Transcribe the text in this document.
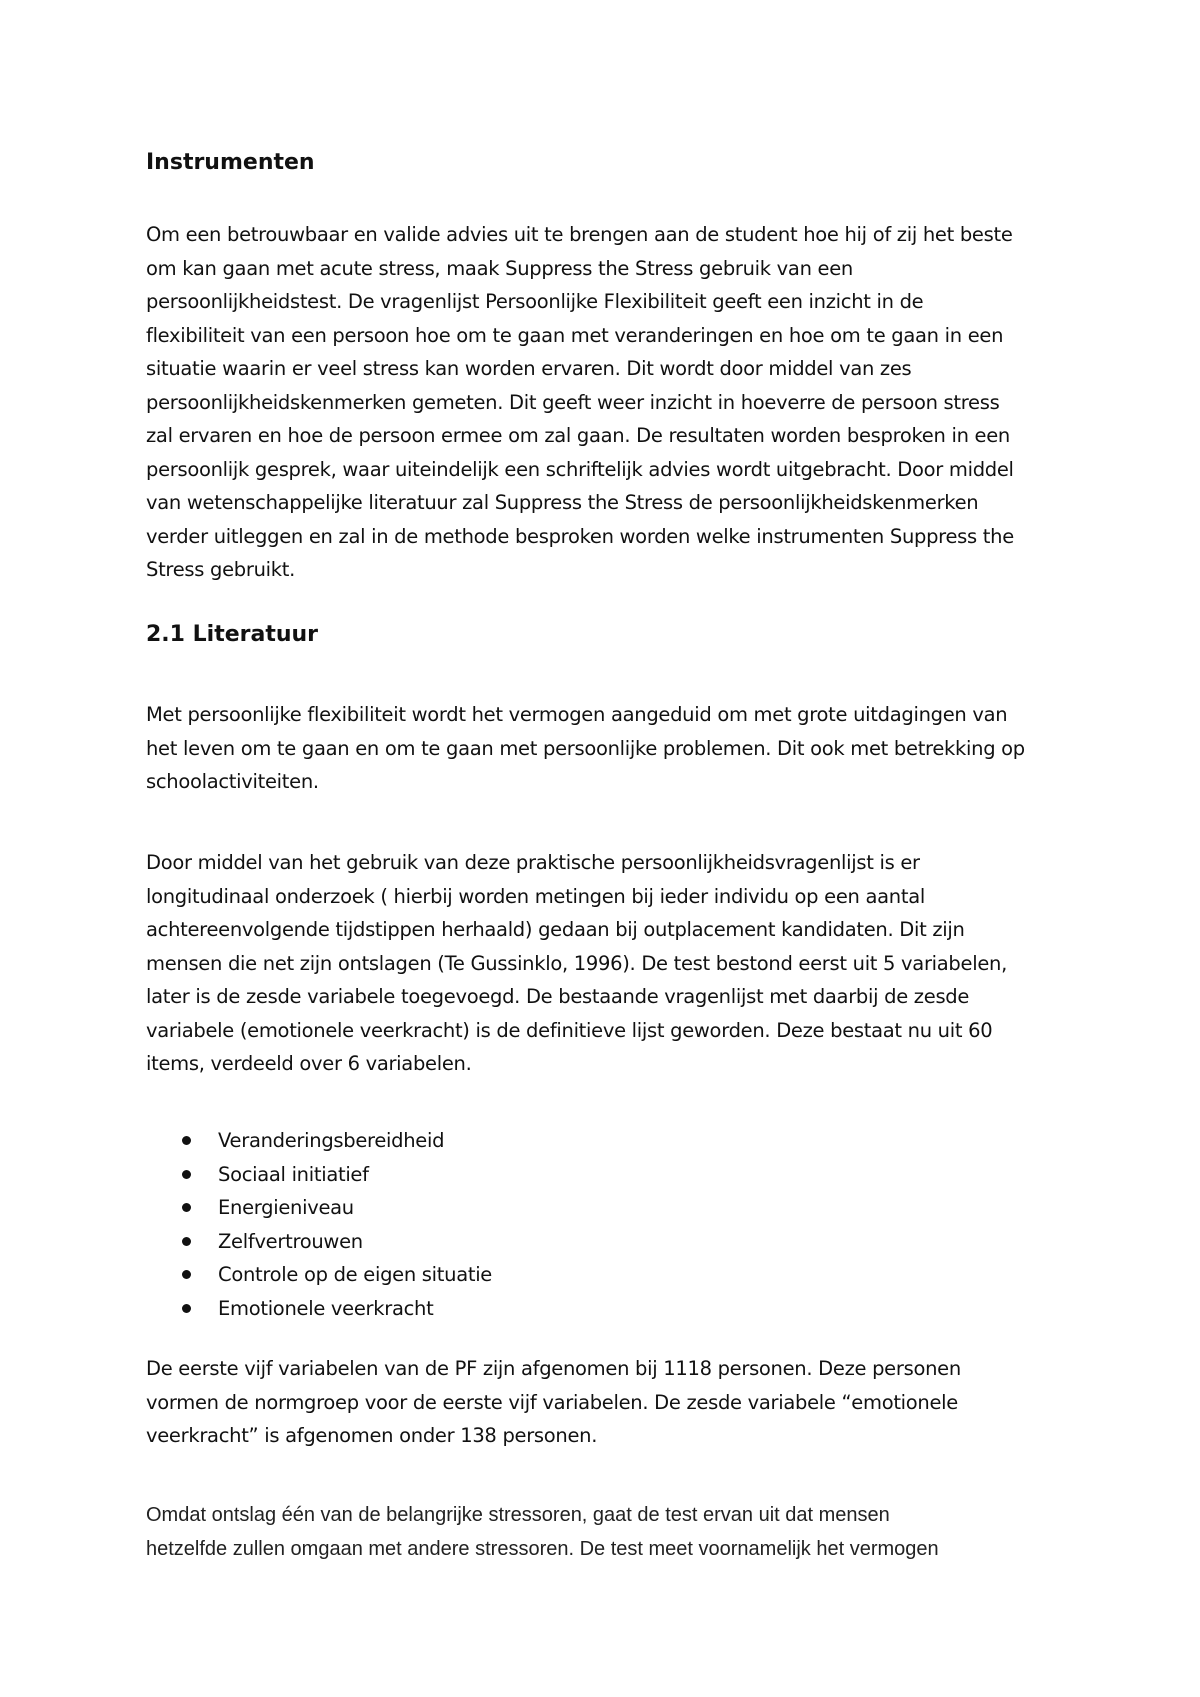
Instrumenten

Om een betrouwbaar en valide advies uit te brengen aan de student hoe hij of zij het beste
om kan gaan met acute stress, maak Suppress the Stress gebruik van een
persoonlijkheidstest. De vragenlijst Persoonlijke Flexibiliteit geeft een inzicht in de
flexibiliteit van een persoon hoe om te gaan met veranderingen en hoe om te gaan in een
situatie waarin er veel stress kan worden ervaren. Dit wordt door middel van zes
persoonlijkheidskenmerken gemeten. Dit geeft weer inzicht in hoeverre de persoon stress
zal ervaren en hoe de persoon ermee om zal gaan. De resultaten worden besproken in een
persoonlijk gesprek, waar uiteindelijk een schriftelijk advies wordt uitgebracht. Door middel
van wetenschappelijke literatuur zal Suppress the Stress de persoonlijkheidskenmerken
verder uitleggen en zal in de methode besproken worden welke instrumenten Suppress the
Stress gebruikt.

2.1 Literatuur

Met persoonlijke flexibiliteit wordt het vermogen aangeduid om met grote uitdagingen van
het leven om te gaan en om te gaan met persoonlijke problemen. Dit ook met betrekking op
schoolactiviteiten.

Door middel van het gebruik van deze praktische persoonlijkheidsvragenlijst is er
longitudinaal onderzoek ( hierbij worden metingen bij ieder individu op een aantal
achtereenvolgende tijdstippen herhaald) gedaan bij outplacement kandidaten. Dit zijn
mensen die net zijn ontslagen (Te Gussinklo, 1996). De test bestond eerst uit 5 variabelen,
later is de zesde variabele toegevoegd. De bestaande vragenlijst met daarbij de zesde
variabele (emotionele veerkracht) is de definitieve lijst geworden. Deze bestaat nu uit 60
items, verdeeld over 6 variabelen.

Veranderingsbereidheid
Sociaal initiatief
Energieniveau
Zelfvertrouwen
Controle op de eigen situatie
Emotionele veerkracht

De eerste vijf variabelen van de PF zijn afgenomen bij 1118 personen. Deze personen
vormen de normgroep voor de eerste vijf variabelen. De zesde variabele “emotionele
veerkracht” is afgenomen onder 138 personen.

Omdat ontslag één van de belangrijke stressoren, gaat de test ervan uit dat mensen
hetzelfde zullen omgaan met andere stressoren. De test meet voornamelijk het vermogen
